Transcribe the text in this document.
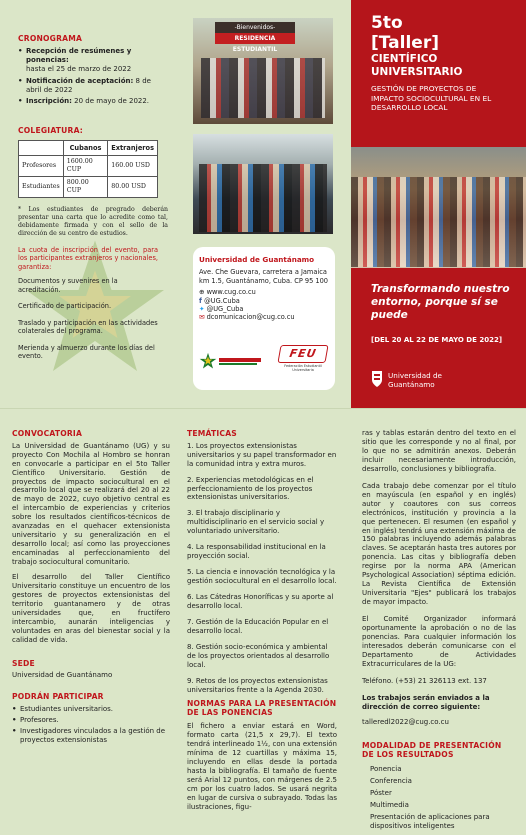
CRONOGRAMA
• Recepción de resúmenes y ponencias:
hasta el 25 de marzo de 2022
• Notificación de aceptación: 8 de abril de 2022
• Inscripción: 20 de mayo de 2022.
COLEGIATURA:
	Cubanos	Extranjeros
Profesores	1600.00 CUP	160.00 USD
Estudiantes	800.00 CUP	80.00 USD

* Los estudiantes de pregrado deberán presentar una carta que lo acredite como tal, debidamente firmada y con el sello de la dirección de su centro de estudios.

La cuota de inscripción del evento, para los participantes extranjeros y nacionales, garantiza:

Documentos y suvenires en la acreditación.

Certificado de participación.

Traslado y participación en las actividades colaterales del programa.

Merienda y almuerzo durante los días del evento.

-Bienvenidos-
RESIDENCIA ESTUDIANTIL
Universidad de Guantánamo
Ave. Che Guevara, carretera a Jamaica km 1.5, Guantánamo, Cuba. CP 95 100
⊕ www.cug.co.cu
f @UG.Cuba
✦ @UG_Cuba
✉ dcomunicacion@cug.co.cu
FEU
Federación Estudiantil Universitaria
5to
[Taller]
CIENTÍFICO
UNIVERSITARIO
GESTIÓN DE PROYECTOS DE IMPACTO SOCIOCULTURAL EN EL DESARROLLO LOCAL
Transformando nuestro entorno, porque sí se puede
[DEL 20 AL 22 DE MAYO DE 2022]
Universidad de
Guantánamo
CONVOCATORIA

La Universidad de Guantánamo (UG) y su proyecto Con Mochila al Hombro se honran en convocarle a participar en el 5to Taller Científico Universitario. Gestión de proyectos de impacto sociocultural en el desarrollo local que se realizará del 20 al 22 de mayo de 2022, cuyo objetivo central es el intercambio de experiencias y criterios sobre los resultados científicos-técnicos de avanzadas en el quehacer extensionista universitario y su generalización en el desarrollo local; así como las proyecciones encaminadas al perfeccionamiento del trabajo sociocultural comunitario.

El desarrollo del Taller Científico Universitario constituye un encuentro de los gestores de proyectos extensionistas del territorio guantanamero y de otras universidades que, en fructífero intercambio, aunarán inteligencias y voluntades en aras del bienestar social y la calidad de vida.

SEDE

Universidad de Guantánamo

PODRÁN PARTICIPAR
• Estudiantes universitarios.
• Profesores.
• Investigadores vinculados a la gestión de proyectos extensionistas
TEMÁTICAS

1. Los proyectos extensionistas universitarios y su papel transformador en la comunidad intra y extra muros.

2. Experiencias metodológicas en el perfeccionamiento de los proyectos extensionistas universitarios.

3. El trabajo disciplinario y multidisciplinario en el servicio social y voluntariado universitario.

4. La responsabilidad institucional en la proyección social.

5. La ciencia e innovación tecnológica y la gestión sociocultural en el desarrollo local.

6. Las Cátedras Honoríficas y su aporte al desarrollo local.

7. Gestión de la Educación Popular en el desarrollo local.

8. Gestión socio-económica y ambiental de los proyectos orientados al desarrollo local.

9. Retos de los proyectos extensionistas universitarios frente a la Agenda 2030.

NORMAS PARA LA PRESENTACIÓN DE LAS PONENCIAS

El fichero a enviar estará en Word, formato carta (21,5 x 29,7). El texto tendrá interlineado 1½, con una extensión mínima de 12 cuartillas y máxima 15, incluyendo en ellas desde la portada hasta la bibliografía. El tamaño de fuente será Arial 12 puntos, con márgenes de 2.5 cm por los cuatro lados. Se usará negrita en lugar de cursiva o subrayado. Todas las ilustraciones, figu-

ras y tablas estarán dentro del texto en el sitio que les corresponde y no al final, por lo que no se admitirán anexos. Deberán incluir necesariamente introducción, desarrollo, conclusiones y bibliografía.

Cada trabajo debe comenzar por el título en mayúscula (en español y en inglés) autor y coautores con sus correos electrónicos, institución y provincia a la que pertenecen. El resumen (en español y en inglés) tendrá una extensión máxima de 150 palabras incluyendo además palabras claves. Se aceptarán hasta tres autores por ponencia. Las citas y bibliografía deben regirse por la norma APA (American Psychological Association) séptima edición. La Revista Científica de Extensión Universitaria "Ejes" publicará los trabajos de mayor impacto.

El Comité Organizador informará oportunamente la aprobación o no de las ponencias. Para cualquier información los interesados deberán comunicarse con el Departamento de Actividades Extracurriculares de la UG:

Teléfono. (+53) 21 326113 ext. 137

Los trabajos serán enviados a la dirección de correo siguiente:

talleredl2022@cug.co.cu

MODALIDAD DE PRESENTACIÓN DE LOS RESULTADOS

Ponencia

Conferencia

Póster

Multimedia

Presentación de aplicaciones para dispositivos inteligentes
